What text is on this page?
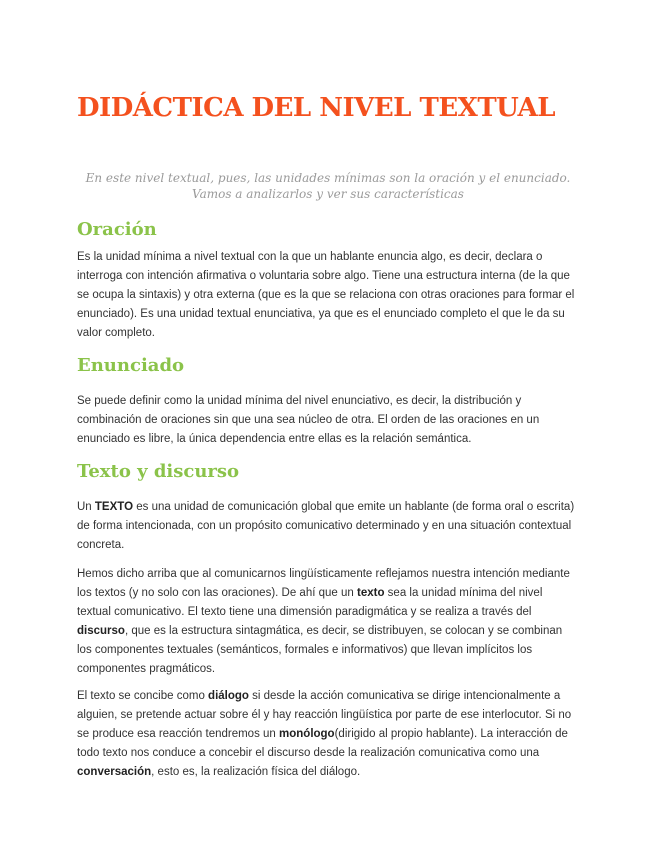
DIDÁCTICA DEL NIVEL TEXTUAL
En este nivel textual, pues, las unidades mínimas son la oración y el enunciado. Vamos a analizarlos y ver sus características
Oración

Es la unidad mínima a nivel textual con la que un hablante enuncia algo, es decir, declara o interroga con intención afirmativa o voluntaria sobre algo. Tiene una estructura interna (de la que se ocupa la sintaxis) y otra externa (que es la que se relaciona con otras oraciones para formar el enunciado). Es una unidad textual enunciativa, ya que es el enunciado completo el que le da su valor completo.

Enunciado

Se puede definir como la unidad mínima del nivel enunciativo, es decir, la distribución y combinación de oraciones sin que una sea núcleo de otra. El orden de las oraciones en un enunciado es libre, la única dependencia entre ellas es la relación semántica.

Texto y discurso

Un TEXTO es una unidad de comunicación global que emite un hablante (de forma oral o escrita) de forma intencionada, con un propósito comunicativo determinado y en una situación contextual concreta.

Hemos dicho arriba que al comunicarnos lingüísticamente reflejamos nuestra intención mediante los textos (y no solo con las oraciones). De ahí que un texto sea la unidad mínima del nivel textual comunicativo. El texto tiene una dimensión paradigmática y se realiza a través del discurso, que es la estructura sintagmática, es decir, se distribuyen, se colocan y se combinan los componentes textuales (semánticos, formales e informativos) que llevan implícitos los componentes pragmáticos.

El texto se concibe como diálogo si desde la acción comunicativa se dirige intencionalmente a alguien, se pretende actuar sobre él y hay reacción lingüística por parte de ese interlocutor. Si no se produce esa reacción tendremos un monólogo(dirigido al propio hablante). La interacción de todo texto nos conduce a concebir el discurso desde la realización comunicativa como una conversación, esto es, la realización física del diálogo.
